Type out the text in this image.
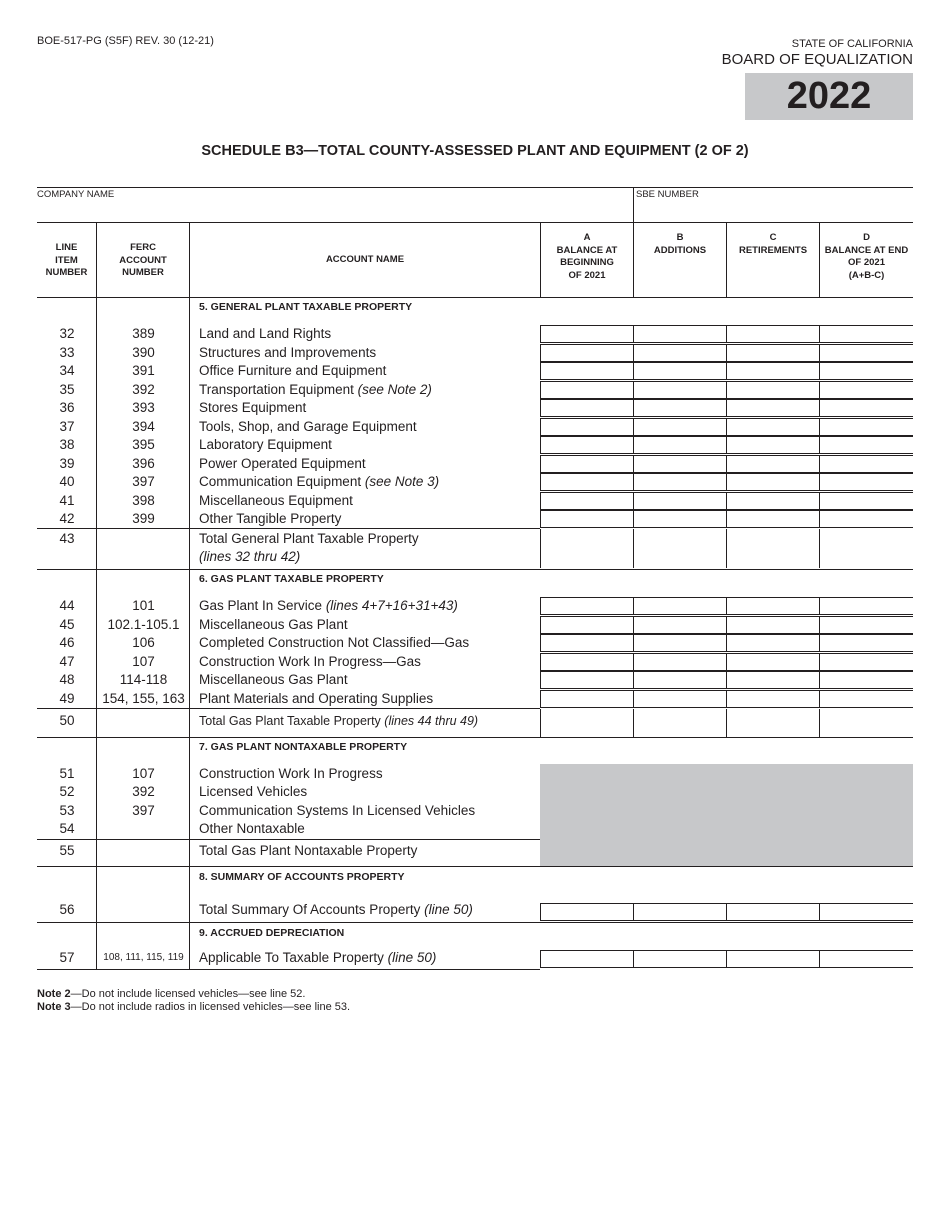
BOE-517-PG (S5F) REV. 30 (12-21)	STATE OF CALIFORNIA
BOARD OF EQUALIZATION
2022
SCHEDULE B3—TOTAL COUNTY-ASSESSED PLANT AND EQUIPMENT (2 OF 2)
COMPANY NAME	SBE NUMBER
LINE
ITEM
NUMBER
FERC
ACCOUNT
NUMBER
ACCOUNT NAME
A
BALANCE AT
BEGINNING
OF 2021
B
ADDITIONS
C
RETIREMENTS
D
BALANCE AT END
OF 2021
(A+B-C)
5. GENERAL PLANT TAXABLE PROPERTY
6. GAS PLANT TAXABLE PROPERTY
7. GAS PLANT NONTAXABLE PROPERTY
8. SUMMARY OF ACCOUNTS PROPERTY
9. ACCRUED DEPRECIATION
32	389	Land and Land Rights
33	390	Structures and Improvements
34	391	Office Furniture and Equipment
35	392	Transportation Equipment (see Note 2)
36	393	Stores Equipment
37	394	Tools, Shop, and Garage Equipment
38	395	Laboratory Equipment
39	396	Power Operated Equipment
40	397	Communication Equipment (see Note 3)
41	398	Miscellaneous Equipment
42	399	Other Tangible Property
43	Total General Plant Taxable Property
(lines 32 thru 42)
44	101	Gas Plant In Service (lines 4+7+16+31+43)
45	102.1-105.1	Miscellaneous Gas Plant
46	106	Completed Construction Not Classified—Gas
47	107	Construction Work In Progress—Gas
48	114-118	Miscellaneous Gas Plant
49	154, 155, 163	Plant Materials and Operating Supplies
50	Total Gas Plant Taxable Property (lines 44 thru 49)
51	107	Construction Work In Progress
52	392	Licensed Vehicles
53	397	Communication Systems In Licensed Vehicles
54	Other Nontaxable
55	Total Gas Plant Nontaxable Property
56	Total Summary Of Accounts Property (line 50)
57	108, 111, 115, 119	Applicable To Taxable Property (line 50)
Note 2—Do not include licensed vehicles—see line 52.
Note 3—Do not include radios in licensed vehicles—see line 53.
